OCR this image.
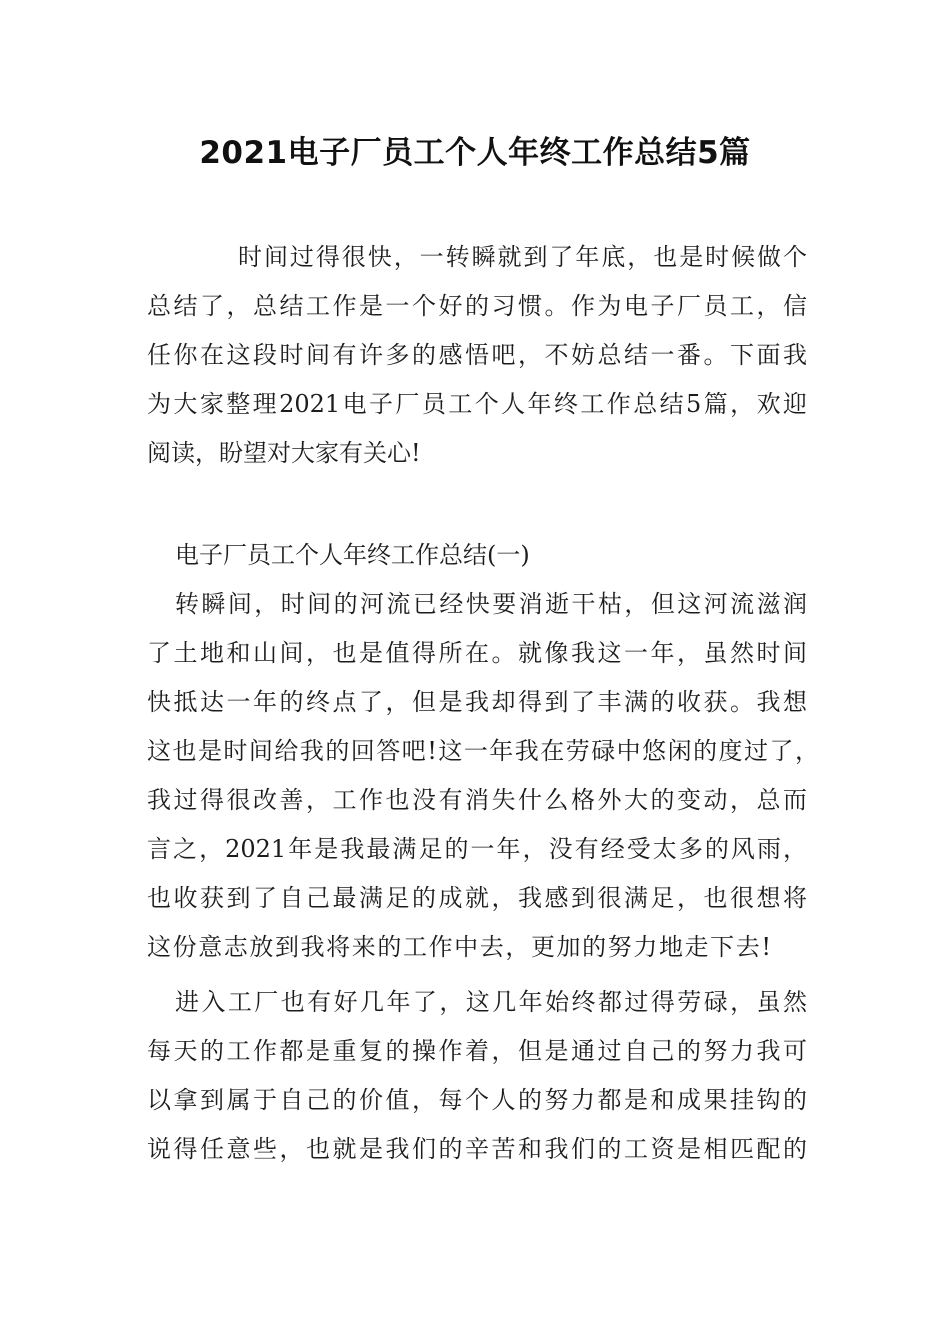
2021电子厂员工个人年终工作总结5篇
时间过得很快，一转瞬就到了年底，也是时候做个
总结了，总结工作是一个好的习惯。作为电子厂员工，信
任你在这段时间有许多的感悟吧，不妨总结一番。下面我
为大家整理2021电子厂员工个人年终工作总结5篇，欢迎
阅读，盼望对大家有关心!
电子厂员工个人年终工作总结(一)
转瞬间，时间的河流已经快要消逝干枯，但这河流滋润
了土地和山间，也是值得所在。就像我这一年，虽然时间
快抵达一年的终点了，但是我却得到了丰满的收获。我想
这也是时间给我的回答吧!这一年我在劳碌中悠闲的度过了，
我过得很改善，工作也没有消失什么格外大的变动，总而
言之，2021年是我最满足的一年，没有经受太多的风雨，
也收获到了自己最满足的成就，我感到很满足，也很想将
这份意志放到我将来的工作中去，更加的努力地走下去!
进入工厂也有好几年了，这几年始终都过得劳碌，虽然
每天的工作都是重复的操作着，但是通过自己的努力我可
以拿到属于自己的价值，每个人的努力都是和成果挂钩的
说得任意些，也就是我们的辛苦和我们的工资是相匹配的
